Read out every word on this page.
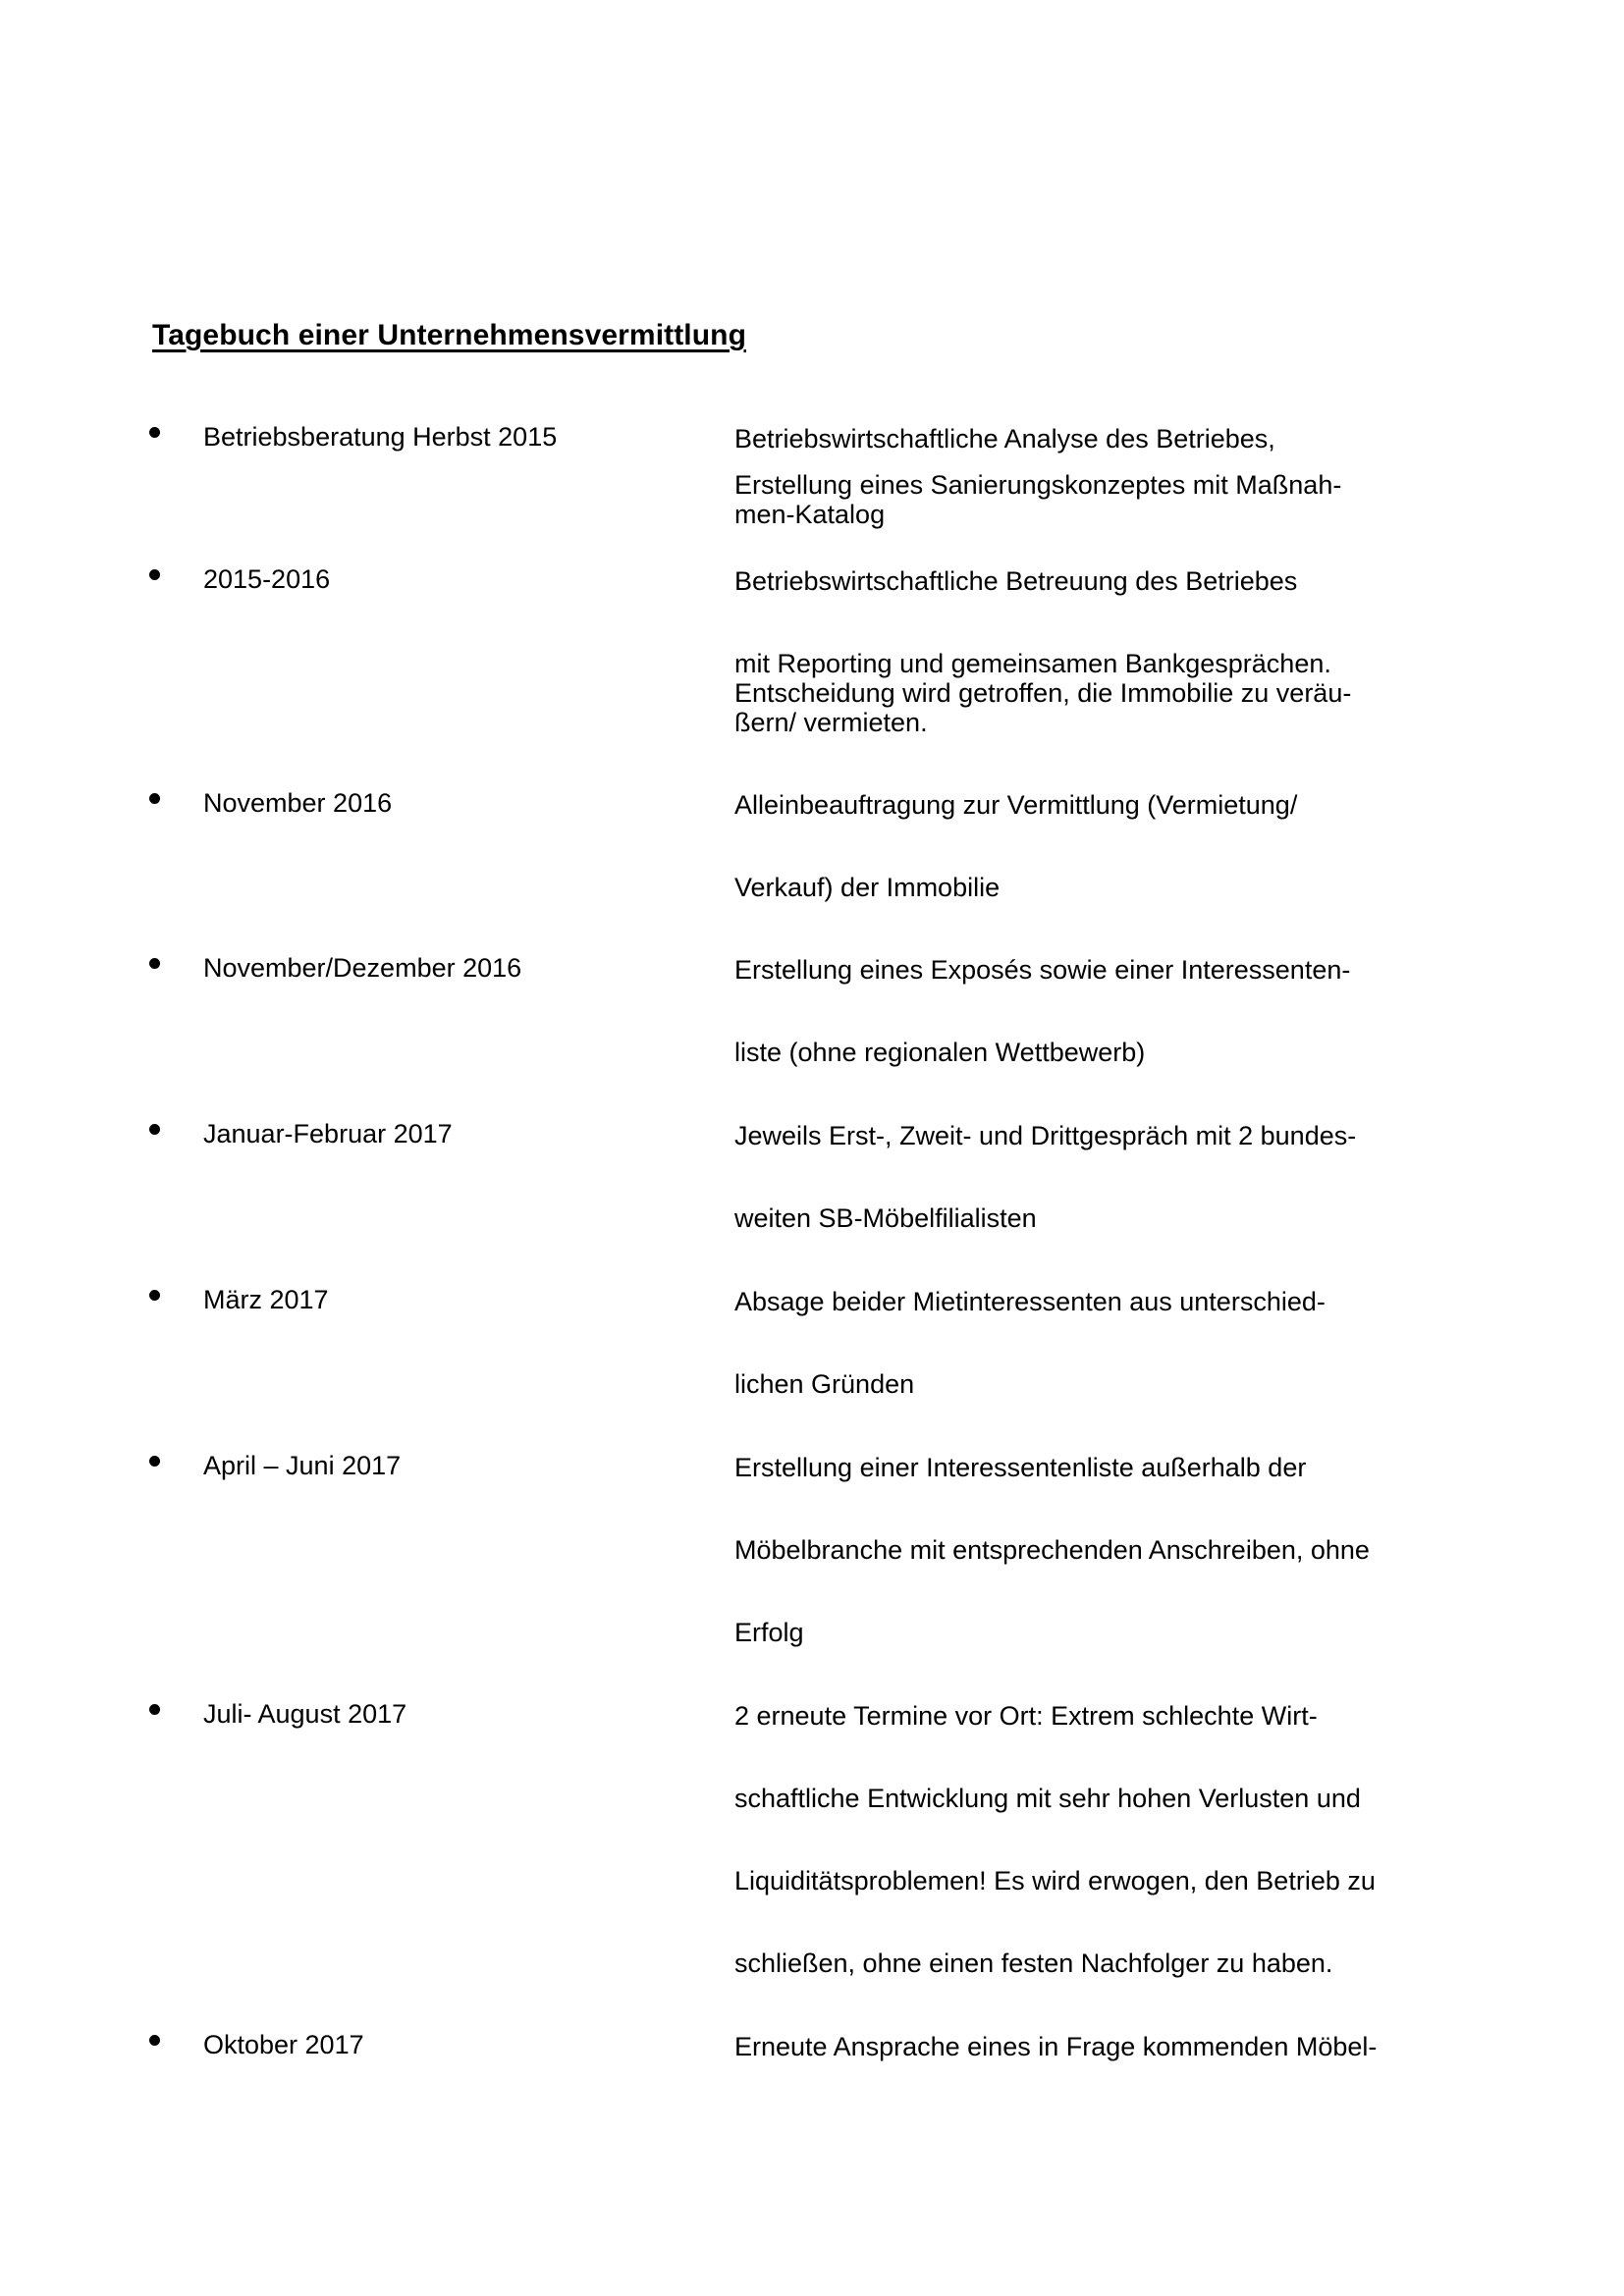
Tagebuch einer Unternehmensvermittlung
Betriebsberatung Herbst 2015	Betriebswirtschaftliche Analyse des Betriebes,
Erstellung eines Sanierungskonzeptes mit Maßnah-
men-Katalog
2015-2016	Betriebswirtschaftliche Betreuung des Betriebes
mit Reporting und gemeinsamen Bankgesprächen.
Entscheidung wird getroffen, die Immobilie zu veräu-
ßern/ vermieten.
November 2016	Alleinbeauftragung zur Vermittlung (Vermietung/
Verkauf) der Immobilie
November/Dezember 2016	Erstellung eines Exposés sowie einer Interessenten-
liste (ohne regionalen Wettbewerb)
Januar-Februar 2017	Jeweils Erst-, Zweit- und Drittgespräch mit 2 bundes-
weiten SB-Möbelfilialisten
März 2017	Absage beider Mietinteressenten aus unterschied-
lichen Gründen
April – Juni 2017	Erstellung einer Interessentenliste außerhalb der
Möbelbranche mit entsprechenden Anschreiben, ohne
Erfolg
Juli- August 2017	2 erneute Termine vor Ort: Extrem schlechte Wirt-
schaftliche Entwicklung mit sehr hohen Verlusten und
Liquiditätsproblemen! Es wird erwogen, den Betrieb zu
schließen, ohne einen festen Nachfolger zu haben.
Oktober 2017	Erneute Ansprache eines in Frage kommenden Möbel-
